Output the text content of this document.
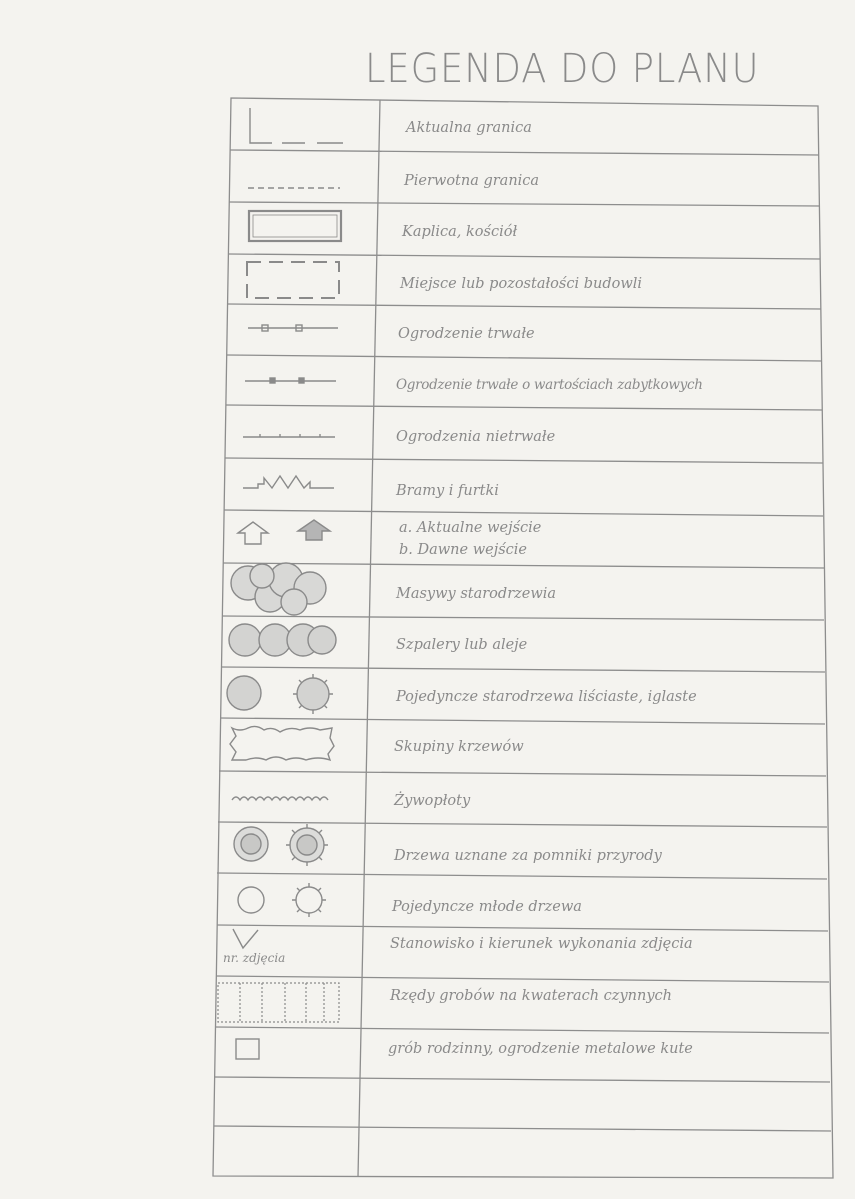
LEGENDA DO PLANU
Aktualna granica
Pierwotna granica
Kaplica, kościół
Miejsce lub pozostałości budowli
Ogrodzenie trwałe
Ogrodzenie trwałe o wartościach zabytkowych
Ogrodzenia nietrwałe
Bramy i furtki
a. Aktualne wejście
b. Dawne wejście
Masywy starodrzewia
Szpalery lub aleje
Pojedyncze starodrzewa liściaste, iglaste
Skupiny krzewów
Żywopłoty
Drzewa uznane za pomniki przyrody
Pojedyncze młode drzewa
Stanowisko i kierunek wykonania zdjęcia
nr. zdjęcia
Rzędy grobów na kwaterach czynnych
grób rodzinny, ogrodzenie metalowe kute
